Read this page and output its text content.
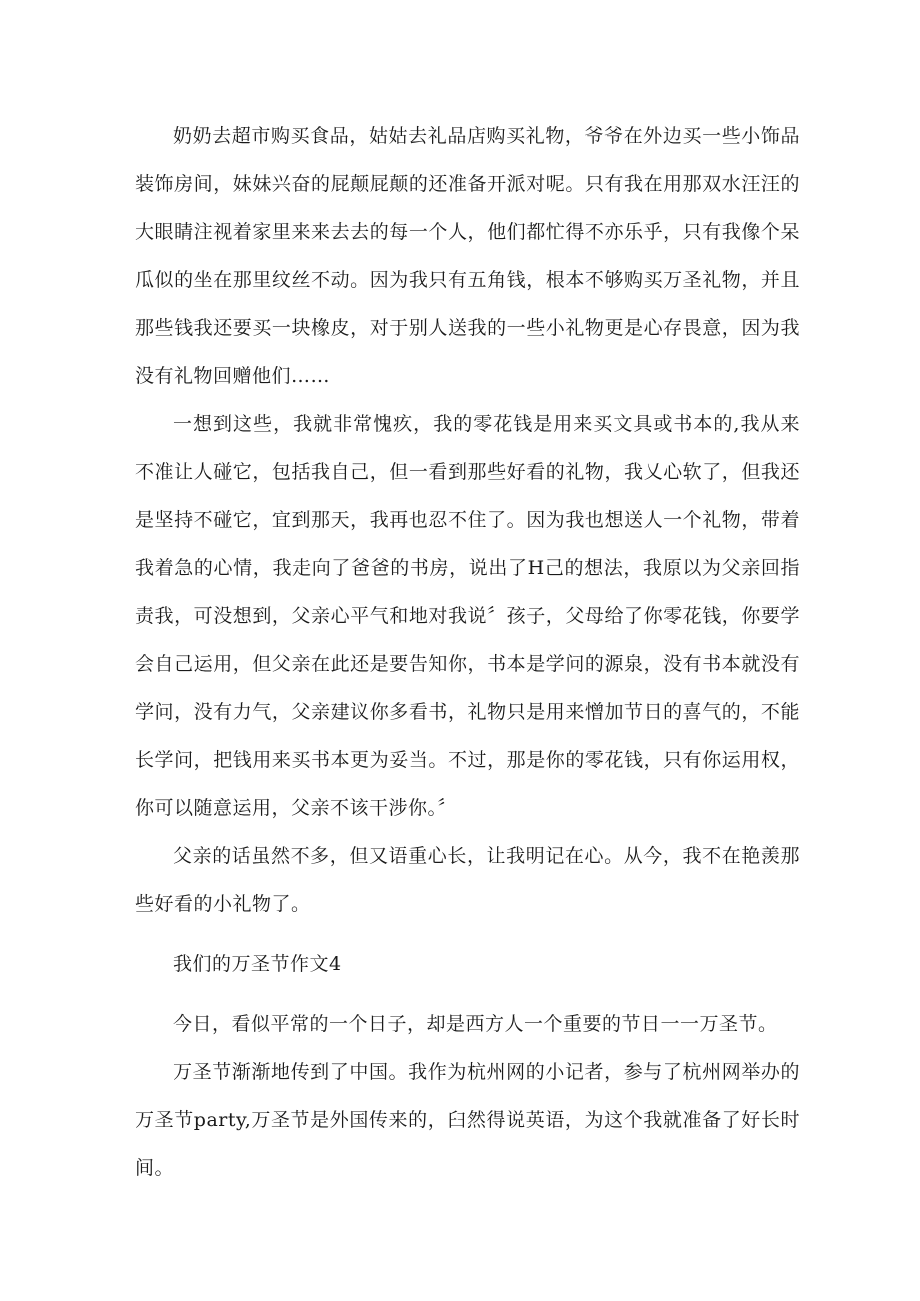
奶奶去超市购买食品，姑姑去礼品店购买礼物，爷爷在外边买一些小饰品装饰房间，妹妹兴奋的屁颠屁颠的还准备开派对呢。只有我在用那双水汪汪的大眼睛注视着家里来来去去的每一个人，他们都忙得不亦乐乎，只有我像个呆瓜似的坐在那里纹丝不动。因为我只有五角钱，根本不够购买万圣礼物，并且那些钱我还要买一块橡皮，对于别人送我的一些小礼物更是心存畏意，因为我没有礼物回赠他们……

一想到这些，我就非常愧疚，我的零花钱是用来买文具或书本的,我从来不准让人碰它，包括我自己，但一看到那些好看的礼物，我乂心软了，但我还是坚持不碰它，宜到那天，我再也忍不住了。因为我也想送人一个礼物，带着我着急的心情，我走向了爸爸的书房，说出了H己的想法，我原以为父亲回指责我，可没想到，父亲心平气和地对我说〞孩子，父母给了你零花钱，你要学会自己运用，但父亲在此还是要告知你，书本是学问的源泉，没有书本就没有学问，没有力气，父亲建议你多看书，礼物只是用来憎加节日的喜气的，不能长学问，把钱用来买书本更为妥当。不过，那是你的零花钱，只有你运用权，你可以随意运用，父亲不该干涉你。〞

父亲的话虽然不多，但又语重心长，让我明记在心。从今，我不在艳羡那些好看的小礼物了。

我们的万圣节作文4

今日，看似平常的一个日子，却是西方人一个重要的节日一一万圣节。

万圣节渐渐地传到了中国。我作为杭州网的小记者，参与了杭州网举办的万圣节party,万圣节是外国传来的，臼然得说英语，为这个我就准备了好长时间。
